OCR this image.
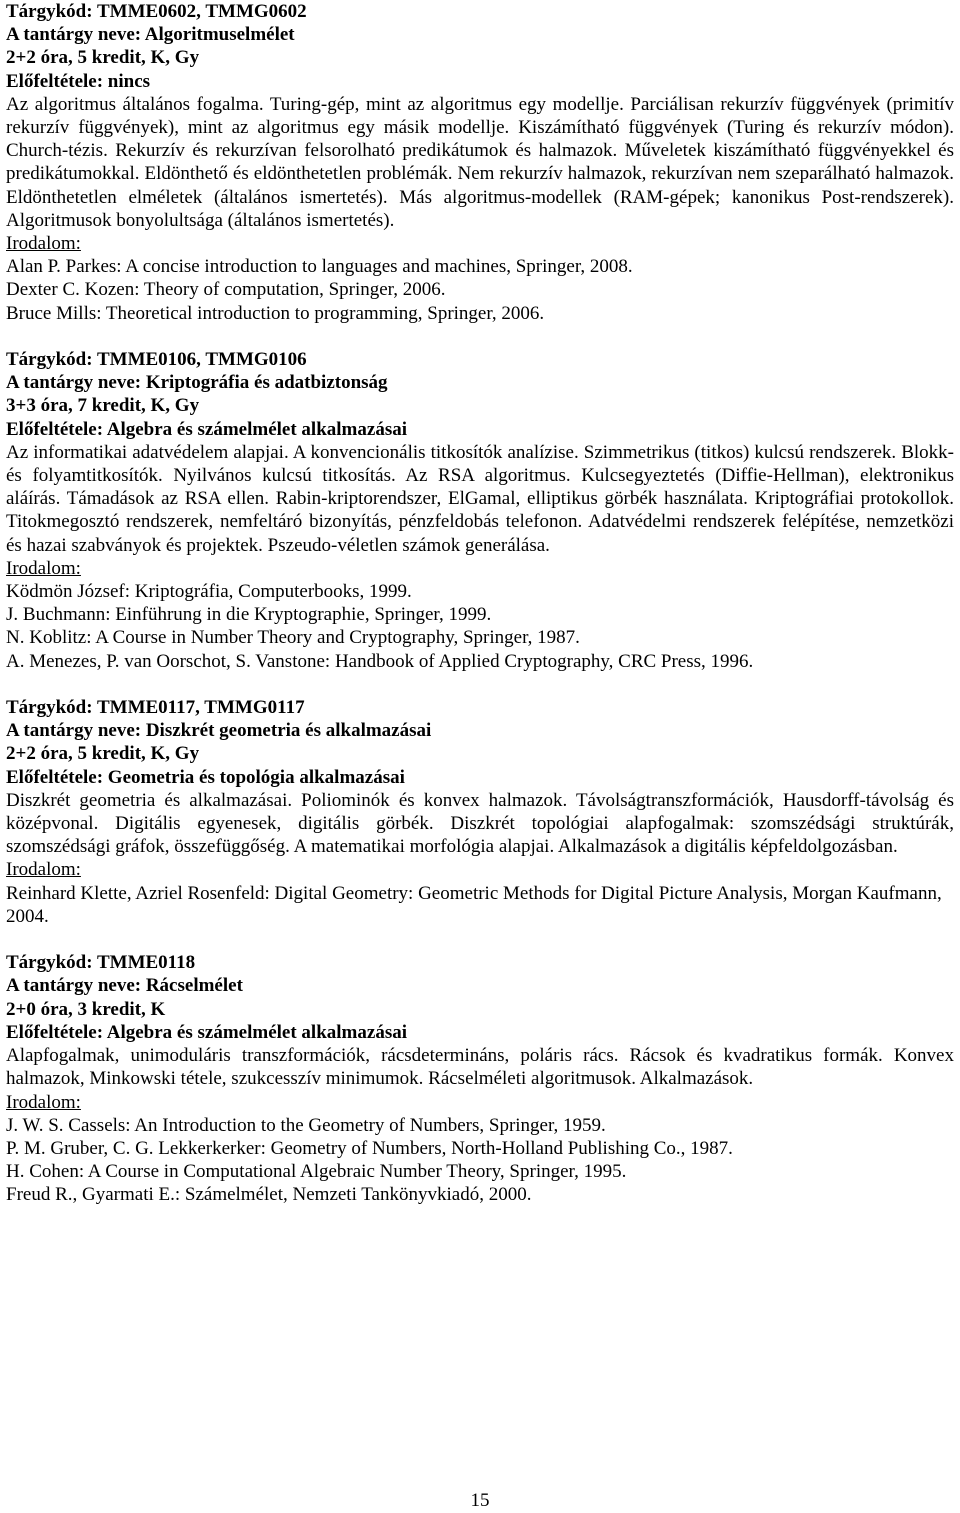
Tárgykód: TMME0602, TMMG0602

A tantárgy neve: Algoritmuselmélet

2+2 óra, 5 kredit, K, Gy

Előfeltétele: nincs

Az algoritmus általános fogalma. Turing-gép, mint az algoritmus egy modellje. Parciálisan rekurzív függvények (primitív rekurzív függvények), mint az algoritmus egy másik modellje. Kiszámítható függvények (Turing és rekurzív módon). Church-tézis. Rekurzív és rekurzívan felsorolható predikátumok és halmazok. Műveletek kiszámítható függvényekkel és predikátumokkal. Eldönthető és eldönthetetlen problémák. Nem rekurzív halmazok, rekurzívan nem szeparálható halmazok. Eldönthetetlen elméletek (általános ismertetés). Más algoritmus-modellek (RAM-gépek; kanonikus Post-rendszerek). Algoritmusok bonyolultsága (általános ismertetés).

Irodalom:

Alan P. Parkes: A concise introduction to languages and machines, Springer, 2008.

Dexter C. Kozen: Theory of computation, Springer, 2006.

Bruce Mills: Theoretical introduction to programming, Springer, 2006.

Tárgykód: TMME0106, TMMG0106

A tantárgy neve: Kriptográfia és adatbiztonság

3+3 óra, 7 kredit, K, Gy

Előfeltétele: Algebra és számelmélet alkalmazásai

Az informatikai adatvédelem alapjai. A konvencionális titkosítók analízise. Szimmetrikus (titkos) kulcsú rendszerek. Blokk- és folyamtitkosítók. Nyilvános kulcsú titkosítás. Az RSA algoritmus. Kulcsegyeztetés (Diffie-Hellman), elektronikus aláírás. Támadások az RSA ellen. Rabin-kriptorendszer, ElGamal, elliptikus görbék használata. Kriptográfiai protokollok. Titokmegosztó rendszerek, nemfeltáró bizonyítás, pénzfeldobás telefonon. Adatvédelmi rendszerek felépítése, nemzetközi és hazai szabványok és projektek. Pszeudo-véletlen számok generálása.

Irodalom:

Ködmön József: Kriptográfia, Computerbooks, 1999.

J. Buchmann: Einführung in die Kryptographie, Springer, 1999.

N. Koblitz: A Course in Number Theory and Cryptography, Springer, 1987.

A. Menezes, P. van Oorschot, S. Vanstone: Handbook of Applied Cryptography, CRC Press, 1996.

Tárgykód: TMME0117, TMMG0117

A tantárgy neve: Diszkrét geometria és alkalmazásai

2+2 óra, 5 kredit, K, Gy

Előfeltétele: Geometria és topológia alkalmazásai

Diszkrét geometria és alkalmazásai. Poliominók és konvex halmazok. Távolságtranszformációk, Hausdorff-távolság és középvonal. Digitális egyenesek, digitális görbék. Diszkrét topológiai alapfogalmak: szomszédsági struktúrák, szomszédsági gráfok, összefüggőség. A matematikai morfológia alapjai. Alkalmazások a digitális képfeldolgozásban.

Irodalom:

Reinhard Klette, Azriel Rosenfeld: Digital Geometry: Geometric Methods for Digital Picture Analysis, Morgan Kaufmann, 2004.

Tárgykód: TMME0118

A tantárgy neve: Rácselmélet

2+0 óra, 3 kredit, K

Előfeltétele: Algebra és számelmélet alkalmazásai

Alapfogalmak, unimoduláris transzformációk, rácsdetermináns, poláris rács. Rácsok és kvadratikus formák. Konvex halmazok, Minkowski tétele, szukcesszív minimumok. Rácselméleti algoritmusok. Alkalmazások.

Irodalom:

J. W. S. Cassels: An Introduction to the Geometry of Numbers, Springer, 1959.

P. M. Gruber, C. G. Lekkerkerker: Geometry of Numbers, North-Holland Publishing Co., 1987.

H. Cohen: A Course in Computational Algebraic Number Theory, Springer, 1995.

Freud R., Gyarmati E.: Számelmélet, Nemzeti Tankönyvkiadó, 2000.

15
